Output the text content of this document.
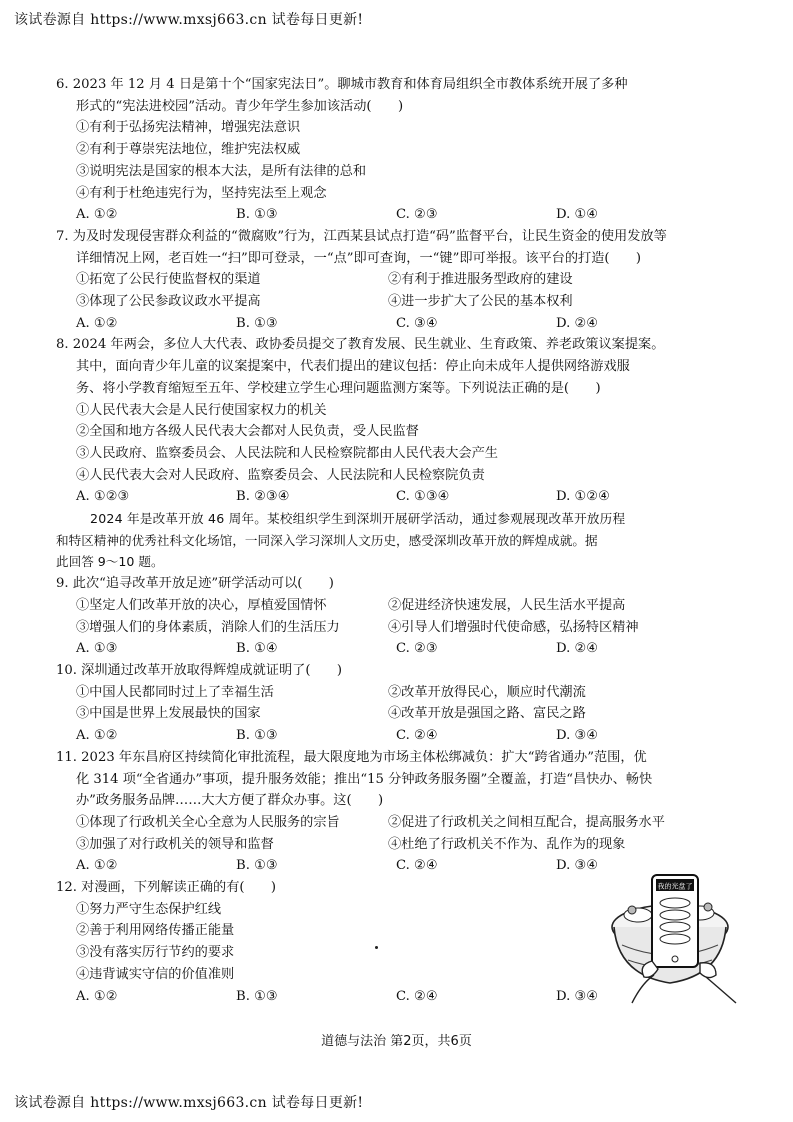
该试卷源自 https://www.mxsj663.cn 试卷每日更新!
6. 2023 年 12 月 4 日是第十个“国家宪法日”。聊城市教育和体育局组织全市教体系统开展了多种
形式的“宪法进校园”活动。青少年学生参加该活动(　　)
①有利于弘扬宪法精神，增强宪法意识
②有利于尊崇宪法地位，维护宪法权威
③说明宪法是国家的根本大法，是所有法律的总和
④有利于杜绝违宪行为，坚持宪法至上观念
A. ①②	B. ①③	C. ②③	D. ①④
7. 为及时发现侵害群众利益的“微腐败”行为，江西某县试点打造“码”监督平台，让民生资金的使用发放等
详细情况上网，老百姓一“扫”即可登录，一“点”即可查询，一“键”即可举报。该平台的打造(　　)
①拓宽了公民行使监督权的渠道	②有利于推进服务型政府的建设
③体现了公民参政议政水平提高	④进一步扩大了公民的基本权利
A. ①②	B. ①③	C. ③④	D. ②④
8. 2024 年两会，多位人大代表、政协委员提交了教育发展、民生就业、生育政策、养老政策议案提案。
其中，面向青少年儿童的议案提案中，代表们提出的建议包括：停止向未成年人提供网络游戏服
务、将小学教育缩短至五年、学校建立学生心理问题监测方案等。下列说法正确的是(　　)
①人民代表大会是人民行使国家权力的机关
②全国和地方各级人民代表大会都对人民负责，受人民监督
③人民政府、监察委员会、人民法院和人民检察院都由人民代表大会产生
④人民代表大会对人民政府、监察委员会、人民法院和人民检察院负责
A. ①②③	B. ②③④	C. ①③④	D. ①②④
2024 年是改革开放 46 周年。某校组织学生到深圳开展研学活动，通过参观展现改革开放历程
和特区精神的优秀社科文化场馆，一同深入学习深圳人文历史，感受深圳改革开放的辉煌成就。据
此回答 9～10 题。
9. 此次“追寻改革开放足迹”研学活动可以(　　)
①坚定人们改革开放的决心，厚植爱国情怀	②促进经济快速发展，人民生活水平提高
③增强人们的身体素质，消除人们的生活压力	④引导人们增强时代使命感，弘扬特区精神
A. ①③	B. ①④	C. ②③	D. ②④
10. 深圳通过改革开放取得辉煌成就证明了(　　)
①中国人民都同时过上了幸福生活	②改革开放得民心，顺应时代潮流
③中国是世界上发展最快的国家	④改革开放是强国之路、富民之路
A. ①②	B. ①③	C. ②④	D. ③④
11. 2023 年东昌府区持续简化审批流程，最大限度地为市场主体松绑减负：扩大“跨省通办”范围，优
化 314 项“全省通办”事项，提升服务效能；推出“15 分钟政务服务圈”全覆盖，打造“昌快办、畅快
办”政务服务品牌……大大方便了群众办事。这(　　)
①体现了行政机关全心全意为人民服务的宗旨	②促进了行政机关之间相互配合，提高服务水平
③加强了对行政机关的领导和监督	④杜绝了行政机关不作为、乱作为的现象
A. ①②	B. ①③	C. ②④	D. ③④
12. 对漫画，下列解读正确的有(　　)
①努力严守生态保护红线
②善于利用网络传播正能量
③没有落实厉行节约的要求
④违背诚实守信的价值准则
A. ①②	B. ①③	C. ②④	D. ③④
我的光盘了
道德与法治 第2页，共6页
该试卷源自 https://www.mxsj663.cn 试卷每日更新!
